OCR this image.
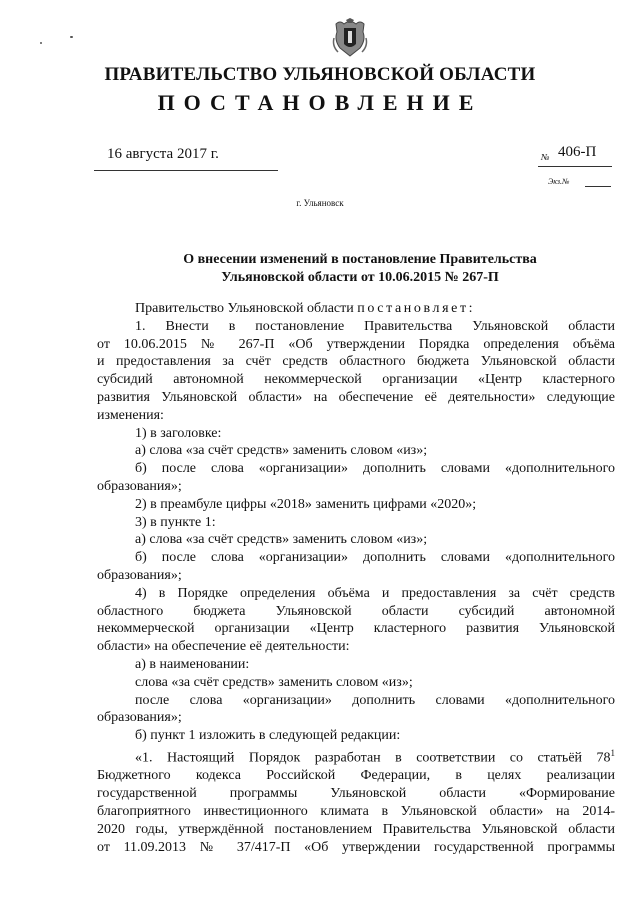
ПРАВИТЕЛЬСТВО УЛЬЯНОВСКОЙ ОБЛАСТИ
ПОСТАНОВЛЕНИЕ
16 августа 2017 г.	№ 406-П
Экз.№
г. Ульяновск
О внесении изменений в постановление Правительства
Ульяновской области от 10.06.2015 № 267-П

Правительство Ульяновской области постановляет:

1. Внести в постановление Правительства Ульяновской области

от 10.06.2015 № 267-П «Об утверждении Порядка определения объёма

и предоставления за счёт средств областного бюджета Ульяновской области

субсидий автономной некоммерческой организации «Центр кластерного

развития Ульяновской области» на обеспечение её деятельности» следующие

изменения:

1) в заголовке:

а) слова «за счёт средств» заменить словом «из»;

б) после слова «организации» дополнить словами «дополнительного

образования»;

2) в преамбуле цифры «2018» заменить цифрами «2020»;

3) в пункте 1:

а) слова «за счёт средств» заменить словом «из»;

б) после слова «организации» дополнить словами «дополнительного

образования»;

4) в Порядке определения объёма и предоставления за счёт средств

областного бюджета Ульяновской области субсидий автономной

некоммерческой организации «Центр кластерного развития Ульяновской

области» на обеспечение её деятельности:

а) в наименовании:

слова «за счёт средств» заменить словом «из»;

после слова «организации» дополнить словами «дополнительного

образования»;

б) пункт 1 изложить в следующей редакции:

«1. Настоящий Порядок разработан в соответствии со статьёй $78^1$

Бюджетного кодекса Российской Федерации, в целях реализации

государственной программы Ульяновской области «Формирование

благоприятного инвестиционного климата в Ульяновской области» на 2014-

2020 годы, утверждённой постановлением Правительства Ульяновской области

от 11.09.2013 № 37/417-П «Об утверждении государственной программы
